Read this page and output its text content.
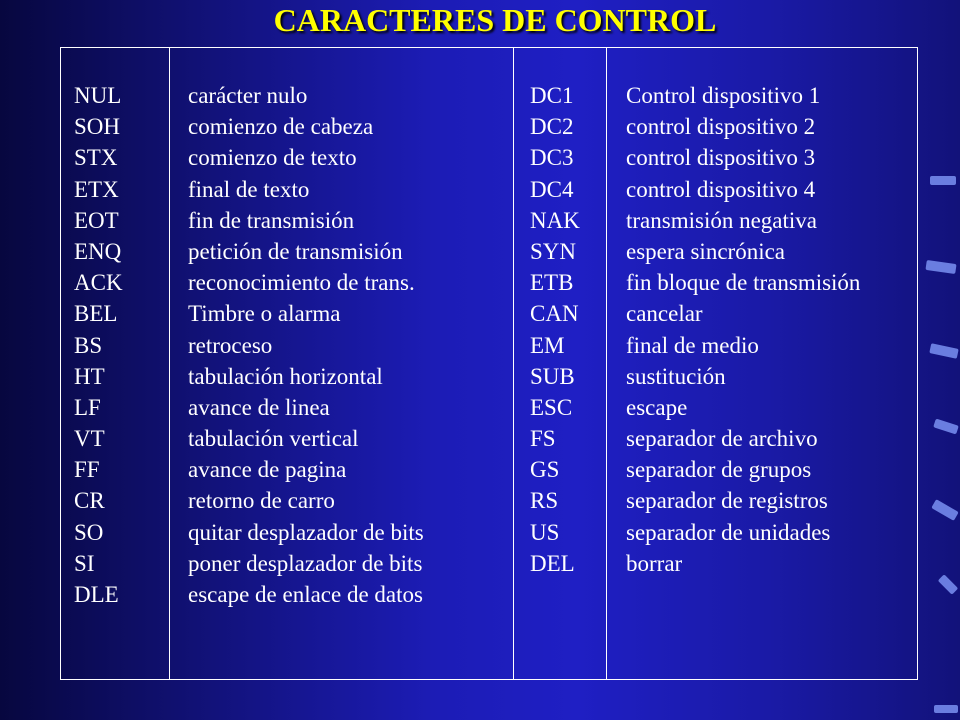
CARACTERES DE CONTROL
NUL
SOH
STX
ETX
EOT
ENQ
ACK
BEL
BS
HT
LF
VT
FF
CR
SO
SI
DLE
carácter nulo
comienzo de cabeza
comienzo de texto
final de texto
fin de transmisión
petición de transmisión
reconocimiento de trans.
Timbre o alarma
retroceso
tabulación horizontal
avance de linea
tabulación vertical
avance de pagina
retorno de carro
quitar desplazador de bits
poner desplazador de bits
escape de enlace de datos
DC1
DC2
DC3
DC4
NAK
SYN
ETB
CAN
EM
SUB
ESC
FS
GS
RS
US
DEL
Control dispositivo 1
control dispositivo 2
control dispositivo 3
control dispositivo 4
transmisión negativa
espera sincrónica
fin bloque de transmisión
cancelar
final de medio
sustitución
escape
separador de archivo
separador de grupos
separador de registros
separador de unidades
borrar
